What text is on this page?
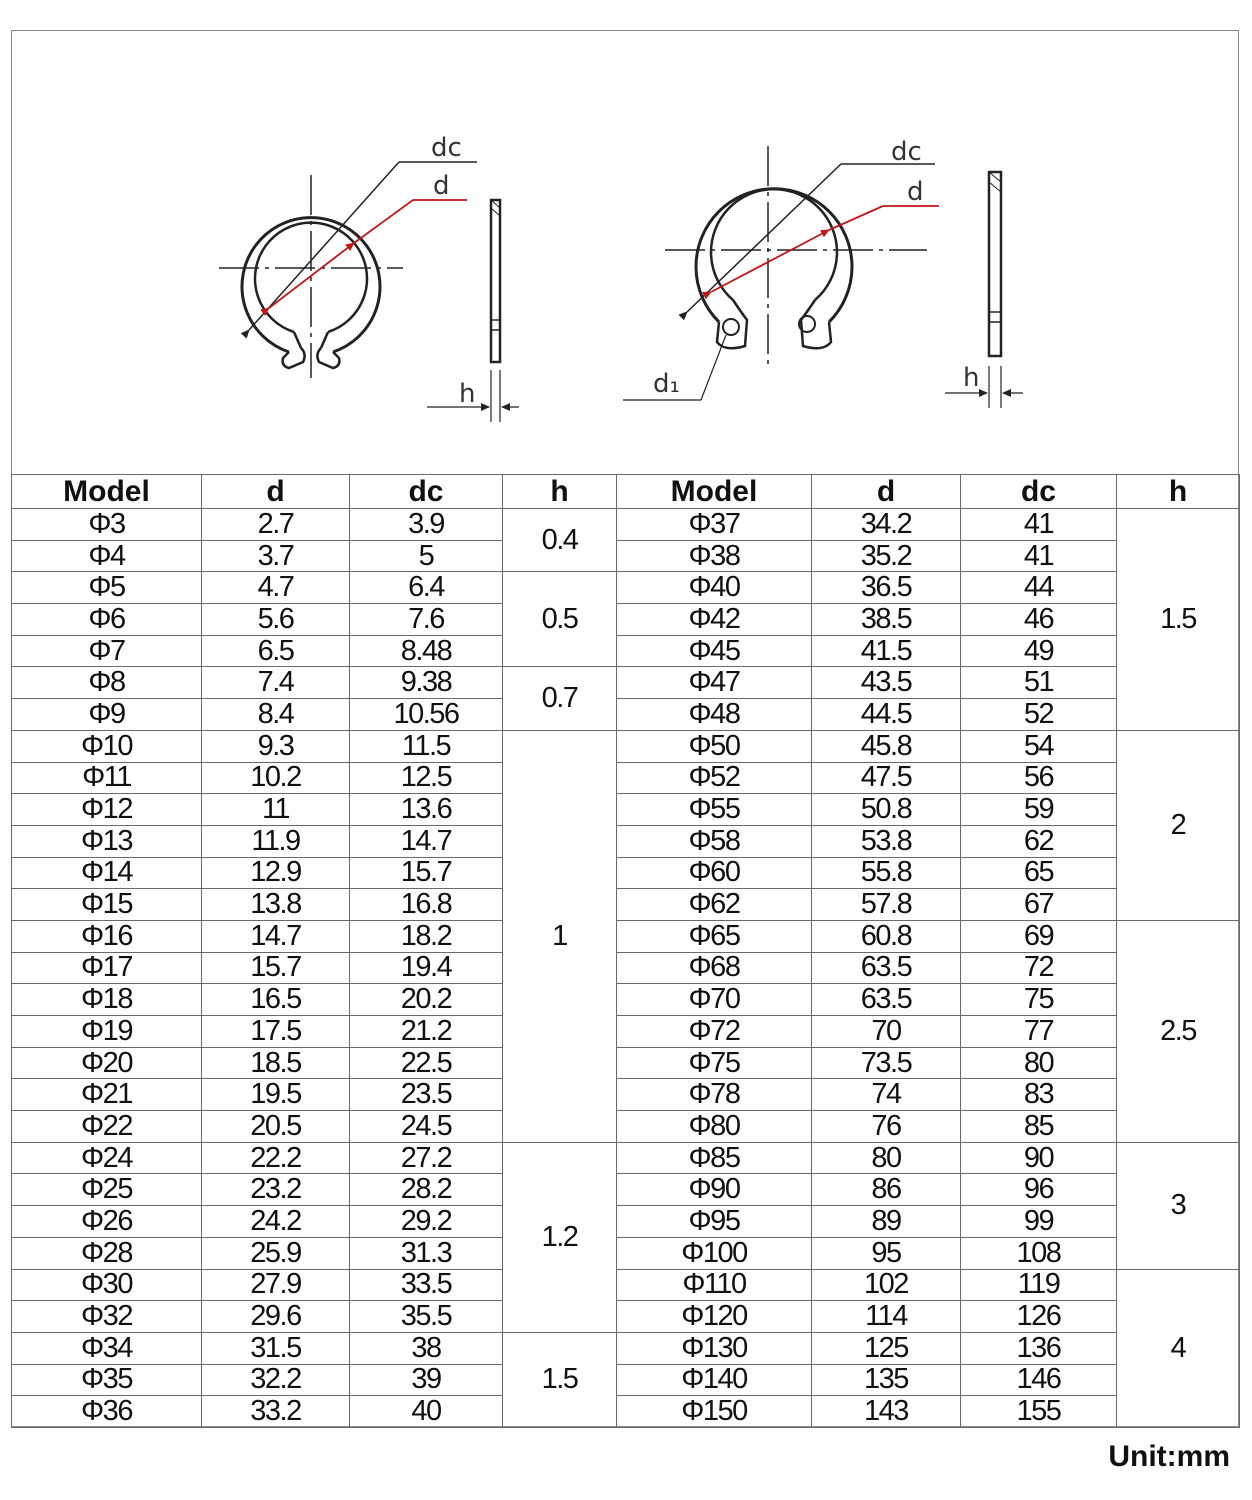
dc
d
h
dc
d
d₁	h
Model	d	dc	h	Model	d	dc	h
Φ3	2.7	3.9	0.4	Φ37	34.2	41	1.5
Φ4	3.7	5		Φ38	35.2	41	
Φ5	4.7	6.4	0.5	Φ40	36.5	44	
Φ6	5.6	7.6		Φ42	38.5	46	
Φ7	6.5	8.48		Φ45	41.5	49	
Φ8	7.4	9.38	0.7	Φ47	43.5	51	
Φ9	8.4	10.56		Φ48	44.5	52	
Φ10	9.3	11.5	1	Φ50	45.8	54	2
Φ11	10.2	12.5		Φ52	47.5	56	
Φ12	11	13.6		Φ55	50.8	59	
Φ13	11.9	14.7		Φ58	53.8	62	
Φ14	12.9	15.7		Φ60	55.8	65	
Φ15	13.8	16.8		Φ62	57.8	67	
Φ16	14.7	18.2		Φ65	60.8	69	2.5
Φ17	15.7	19.4		Φ68	63.5	72	
Φ18	16.5	20.2		Φ70	63.5	75	
Φ19	17.5	21.2		Φ72	70	77	
Φ20	18.5	22.5		Φ75	73.5	80	
Φ21	19.5	23.5		Φ78	74	83	
Φ22	20.5	24.5		Φ80	76	85	
Φ24	22.2	27.2	1.2	Φ85	80	90	3
Φ25	23.2	28.2		Φ90	86	96	
Φ26	24.2	29.2		Φ95	89	99	
Φ28	25.9	31.3		Φ100	95	108	
Φ30	27.9	33.5		Φ110	102	119	4
Φ32	29.6	35.5		Φ120	114	126	
Φ34	31.5	38	1.5	Φ130	125	136	
Φ35	32.2	39		Φ140	135	146	
Φ36	33.2	40		Φ150	143	155	
Unit:mm
